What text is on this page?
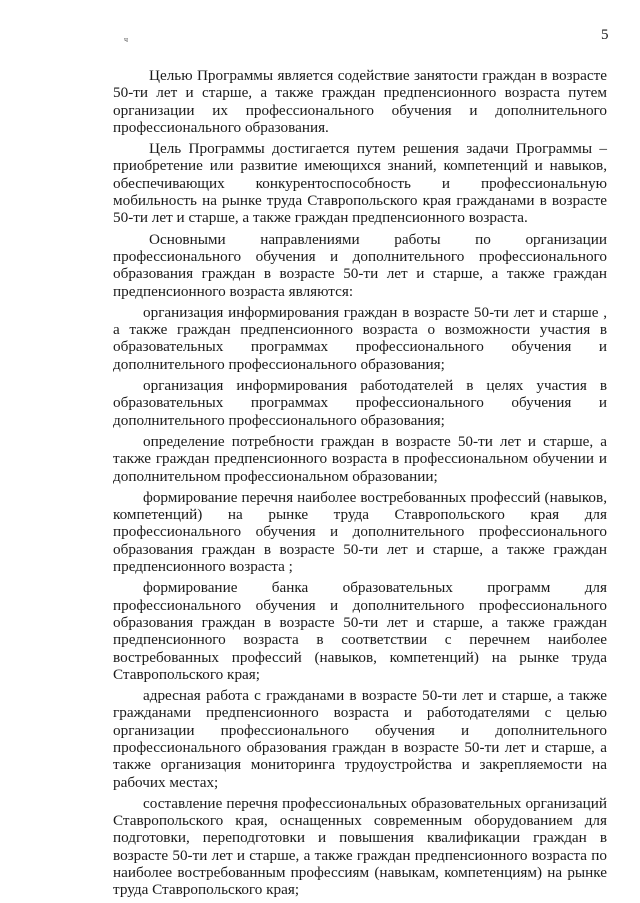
5
ч

Целью Программы является содействие занятости граждан в возрасте 50-ти лет и старше, а также граждан предпенсионного возраста путем организации их профессионального обучения и дополнительного профессионального образования.

Цель Программы достигается путем решения задачи Программы – приобретение или развитие имеющихся знаний, компетенций и навыков, обеспечивающих конкурентоспособность и профессиональную мобильность на рынке труда Ставропольского края гражданами в возрасте 50-ти лет и старше, а также граждан предпенсионного возраста.

Основными направлениями работы по организации профессионального обучения и дополнительного профессионального образования граждан в возрасте 50-ти лет и старше, а также граждан предпенсионного возраста являются:

организация информирования граждан в возрасте 50-ти лет и старше , а также граждан предпенсионного возраста о возможности участия в образовательных программах профессионального обучения и дополнительного профессионального образования;

организация информирования работодателей в целях участия в образовательных программах профессионального обучения и дополнительного профессионального образования;

определение потребности граждан в возрасте 50-ти лет и старше, а также граждан предпенсионного возраста в профессиональном обучении и дополнительном профессиональном образовании;

формирование перечня наиболее востребованных профессий (навыков, компетенций) на рынке труда Ставропольского края для профессионального обучения и дополнительного профессионального образования граждан в возрасте 50-ти лет и старше, а также граждан предпенсионного возраста ;

формирование банка образовательных программ для профессионального обучения и дополнительного профессионального образования граждан в возрасте 50-ти лет и старше, а также граждан предпенсионного возраста в соответствии с перечнем наиболее востребованных профессий (навыков, компетенций) на рынке труда Ставропольского края;

адресная работа с гражданами в возрасте 50-ти лет и старше, а также гражданами предпенсионного возраста и работодателями с целью организации профессионального обучения и дополнительного профессионального образования граждан в возрасте 50-ти лет и старше, а также организация мониторинга трудоустройства и закрепляемости на рабочих местах;

составление перечня профессиональных образовательных организаций Ставропольского края, оснащенных современным оборудованием для подготовки, переподготовки и повышения квалификации граждан в возрасте 50-ти лет и старше, а также граждан предпенсионного возраста по наиболее востребованным профессиям (навыкам, компетенциям) на рынке труда Ставропольского края;
